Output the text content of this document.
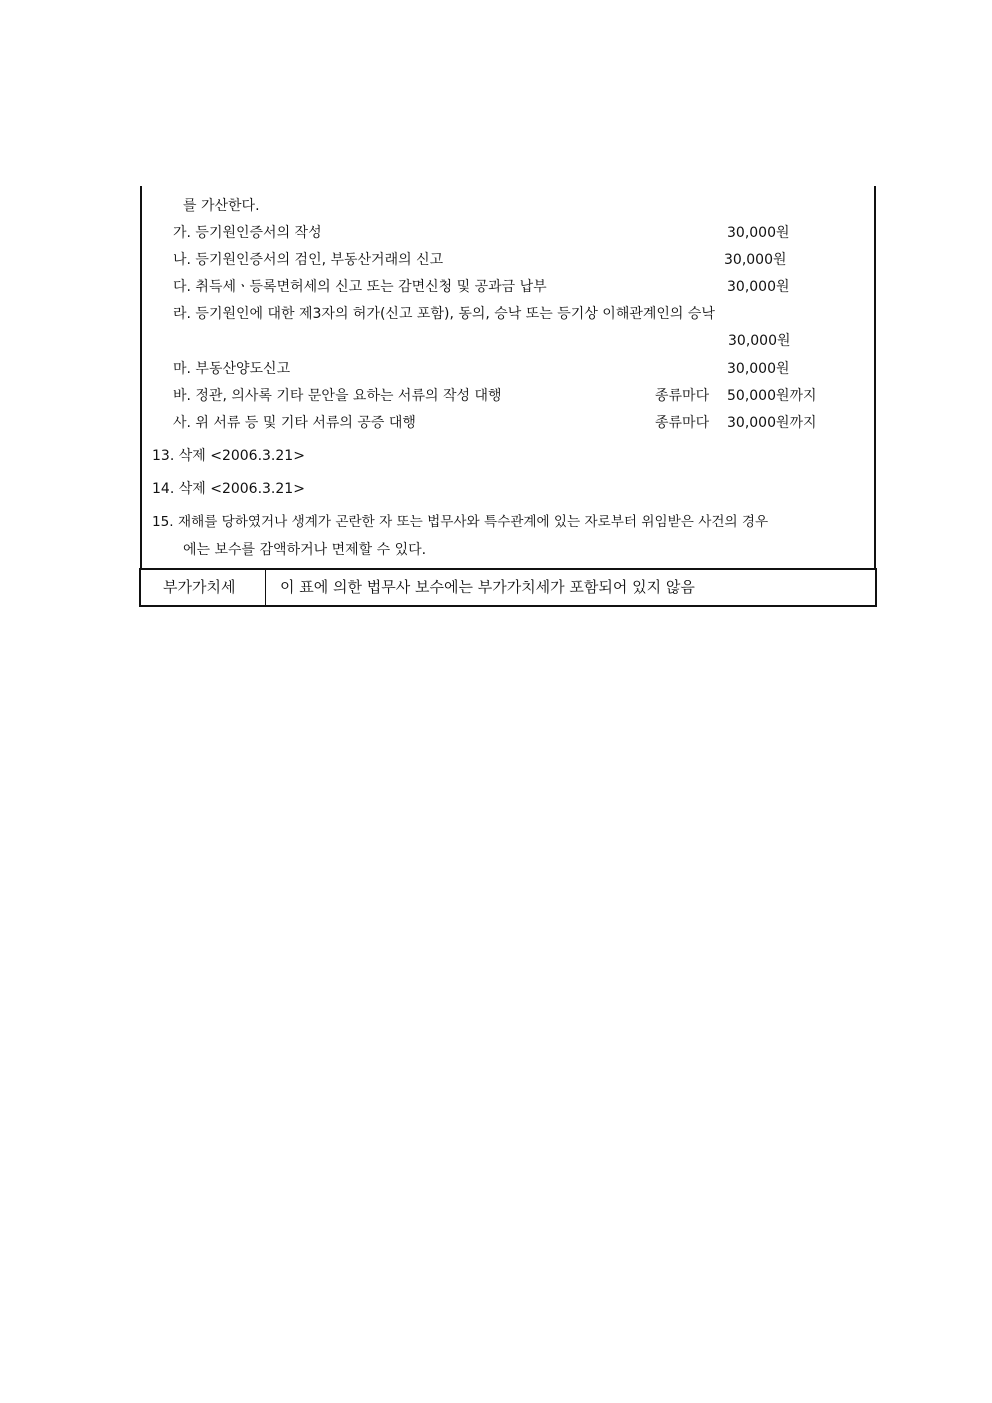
를 가산한다.
가. 등기원인증서의 작성	30,000원
나. 등기원인증서의 검인, 부동산거래의 신고	30,000원
다. 취득세ㆍ등록면허세의 신고 또는 감면신청 및 공과금 납부	30,000원
라. 등기원인에 대한 제3자의 허가(신고 포함), 동의, 승낙 또는 등기상 이해관계인의 승낙
30,000원
마. 부동산양도신고	30,000원
바. 정관, 의사록 기타 문안을 요하는 서류의 작성 대행	종류마다 50,000원까지
사. 위 서류 등 및 기타 서류의 공증 대행	종류마다 30,000원까지
13. 삭제 <2006.3.21>
14. 삭제 <2006.3.21>
15. 재해를 당하였거나 생계가 곤란한 자 또는 법무사와 특수관계에 있는 자로부터 위임받은 사건의 경우
에는 보수를 감액하거나 면제할 수 있다.
부가가치세	이 표에 의한 법무사 보수에는 부가가치세가 포함되어 있지 않음
